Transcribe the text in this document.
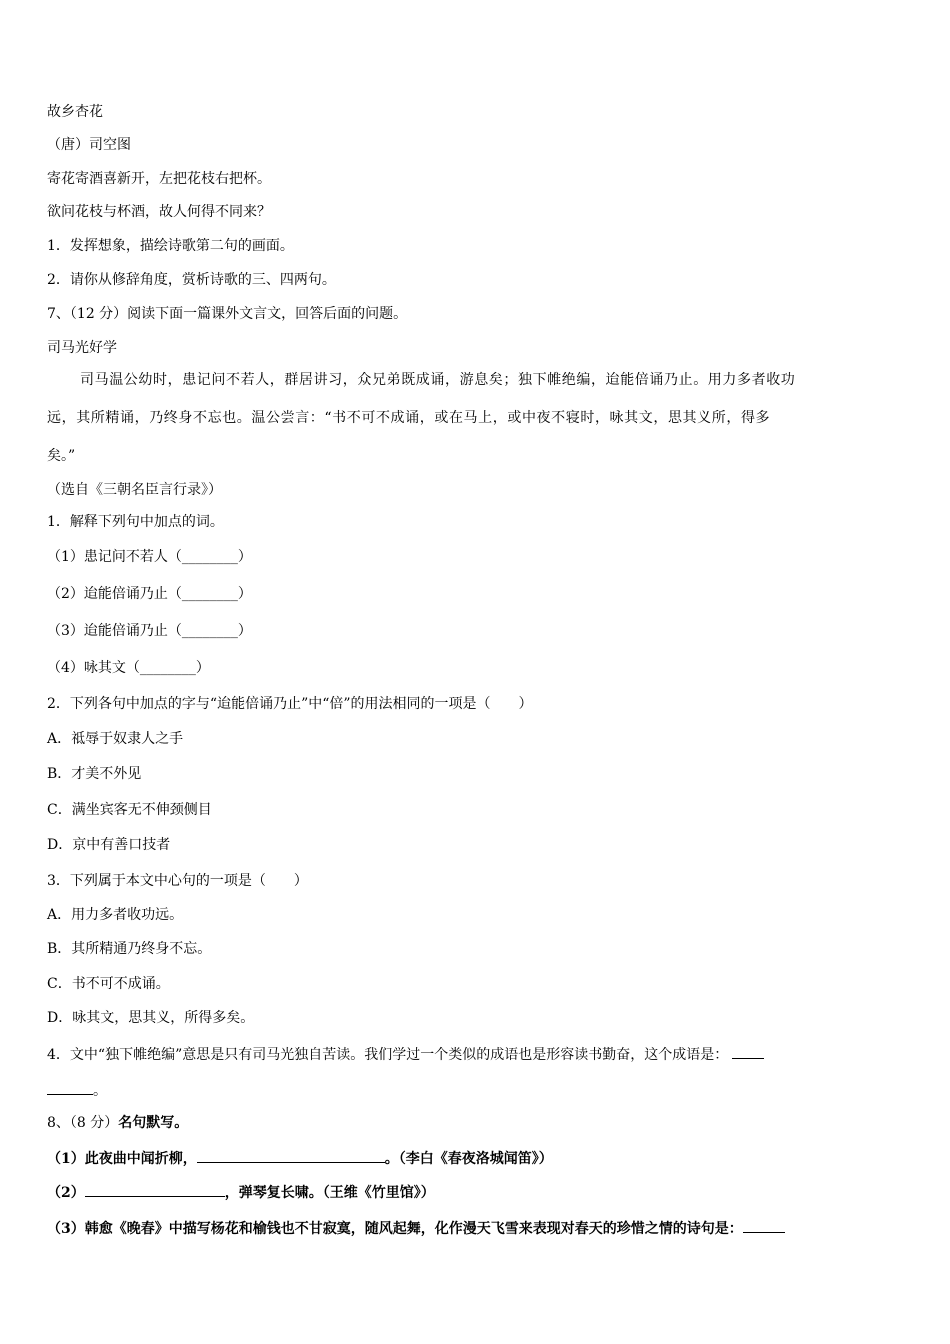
故乡杏花
（唐）司空图
寄花寄酒喜新开，左把花枝右把杯。
欲问花枝与杯酒，故人何得不同来？
1．发挥想象，描绘诗歌第二句的画面。
2．请你从修辞角度，赏析诗歌的三、四两句。
7、（12 分）阅读下面一篇课外文言文，回答后面的问题。
司马光好学
司马温公幼时，患记问不若人，群居讲习，众兄弟既成诵，游息矣；独下帷绝编，迨能倍诵乃止。用力多者收功
远，其所精诵，乃终身不忘也。温公尝言：“书不可不成诵，或在马上，或中夜不寝时，咏其文，思其义所，得多
矣。”
（选自《三朝名臣言行录》）
1．解释下列句中加点的词。
（1）患记问不若人（________）
（2）迨能倍诵乃止（________）
（3）迨能倍诵乃止（________）
（4）咏其文（________）
2．下列各句中加点的字与“迨能倍诵乃止”中“倍”的用法相同的一项是（　　）
A．祗辱于奴隶人之手
B．才美不外见
C．满坐宾客无不伸颈侧目
D．京中有善口技者
3．下列属于本文中心句的一项是（　　）
A．用力多者收功远。
B．其所精通乃终身不忘。
C．书不可不成诵。
D．咏其文，思其义，所得多矣。
4．文中“独下帷绝编”意思是只有司马光独自苦读。我们学过一个类似的成语也是形容读书勤奋，这个成语是：
。
8、（8 分）名句默写。
（1）此夜曲中闻折柳，	。（李白《春夜洛城闻笛》）
（2）	，弹琴复长啸。（王维《竹里馆》）
（3）韩愈《晚春》中描写杨花和榆钱也不甘寂寞，随风起舞，化作漫天飞雪来表现对春天的珍惜之情的诗句是：
